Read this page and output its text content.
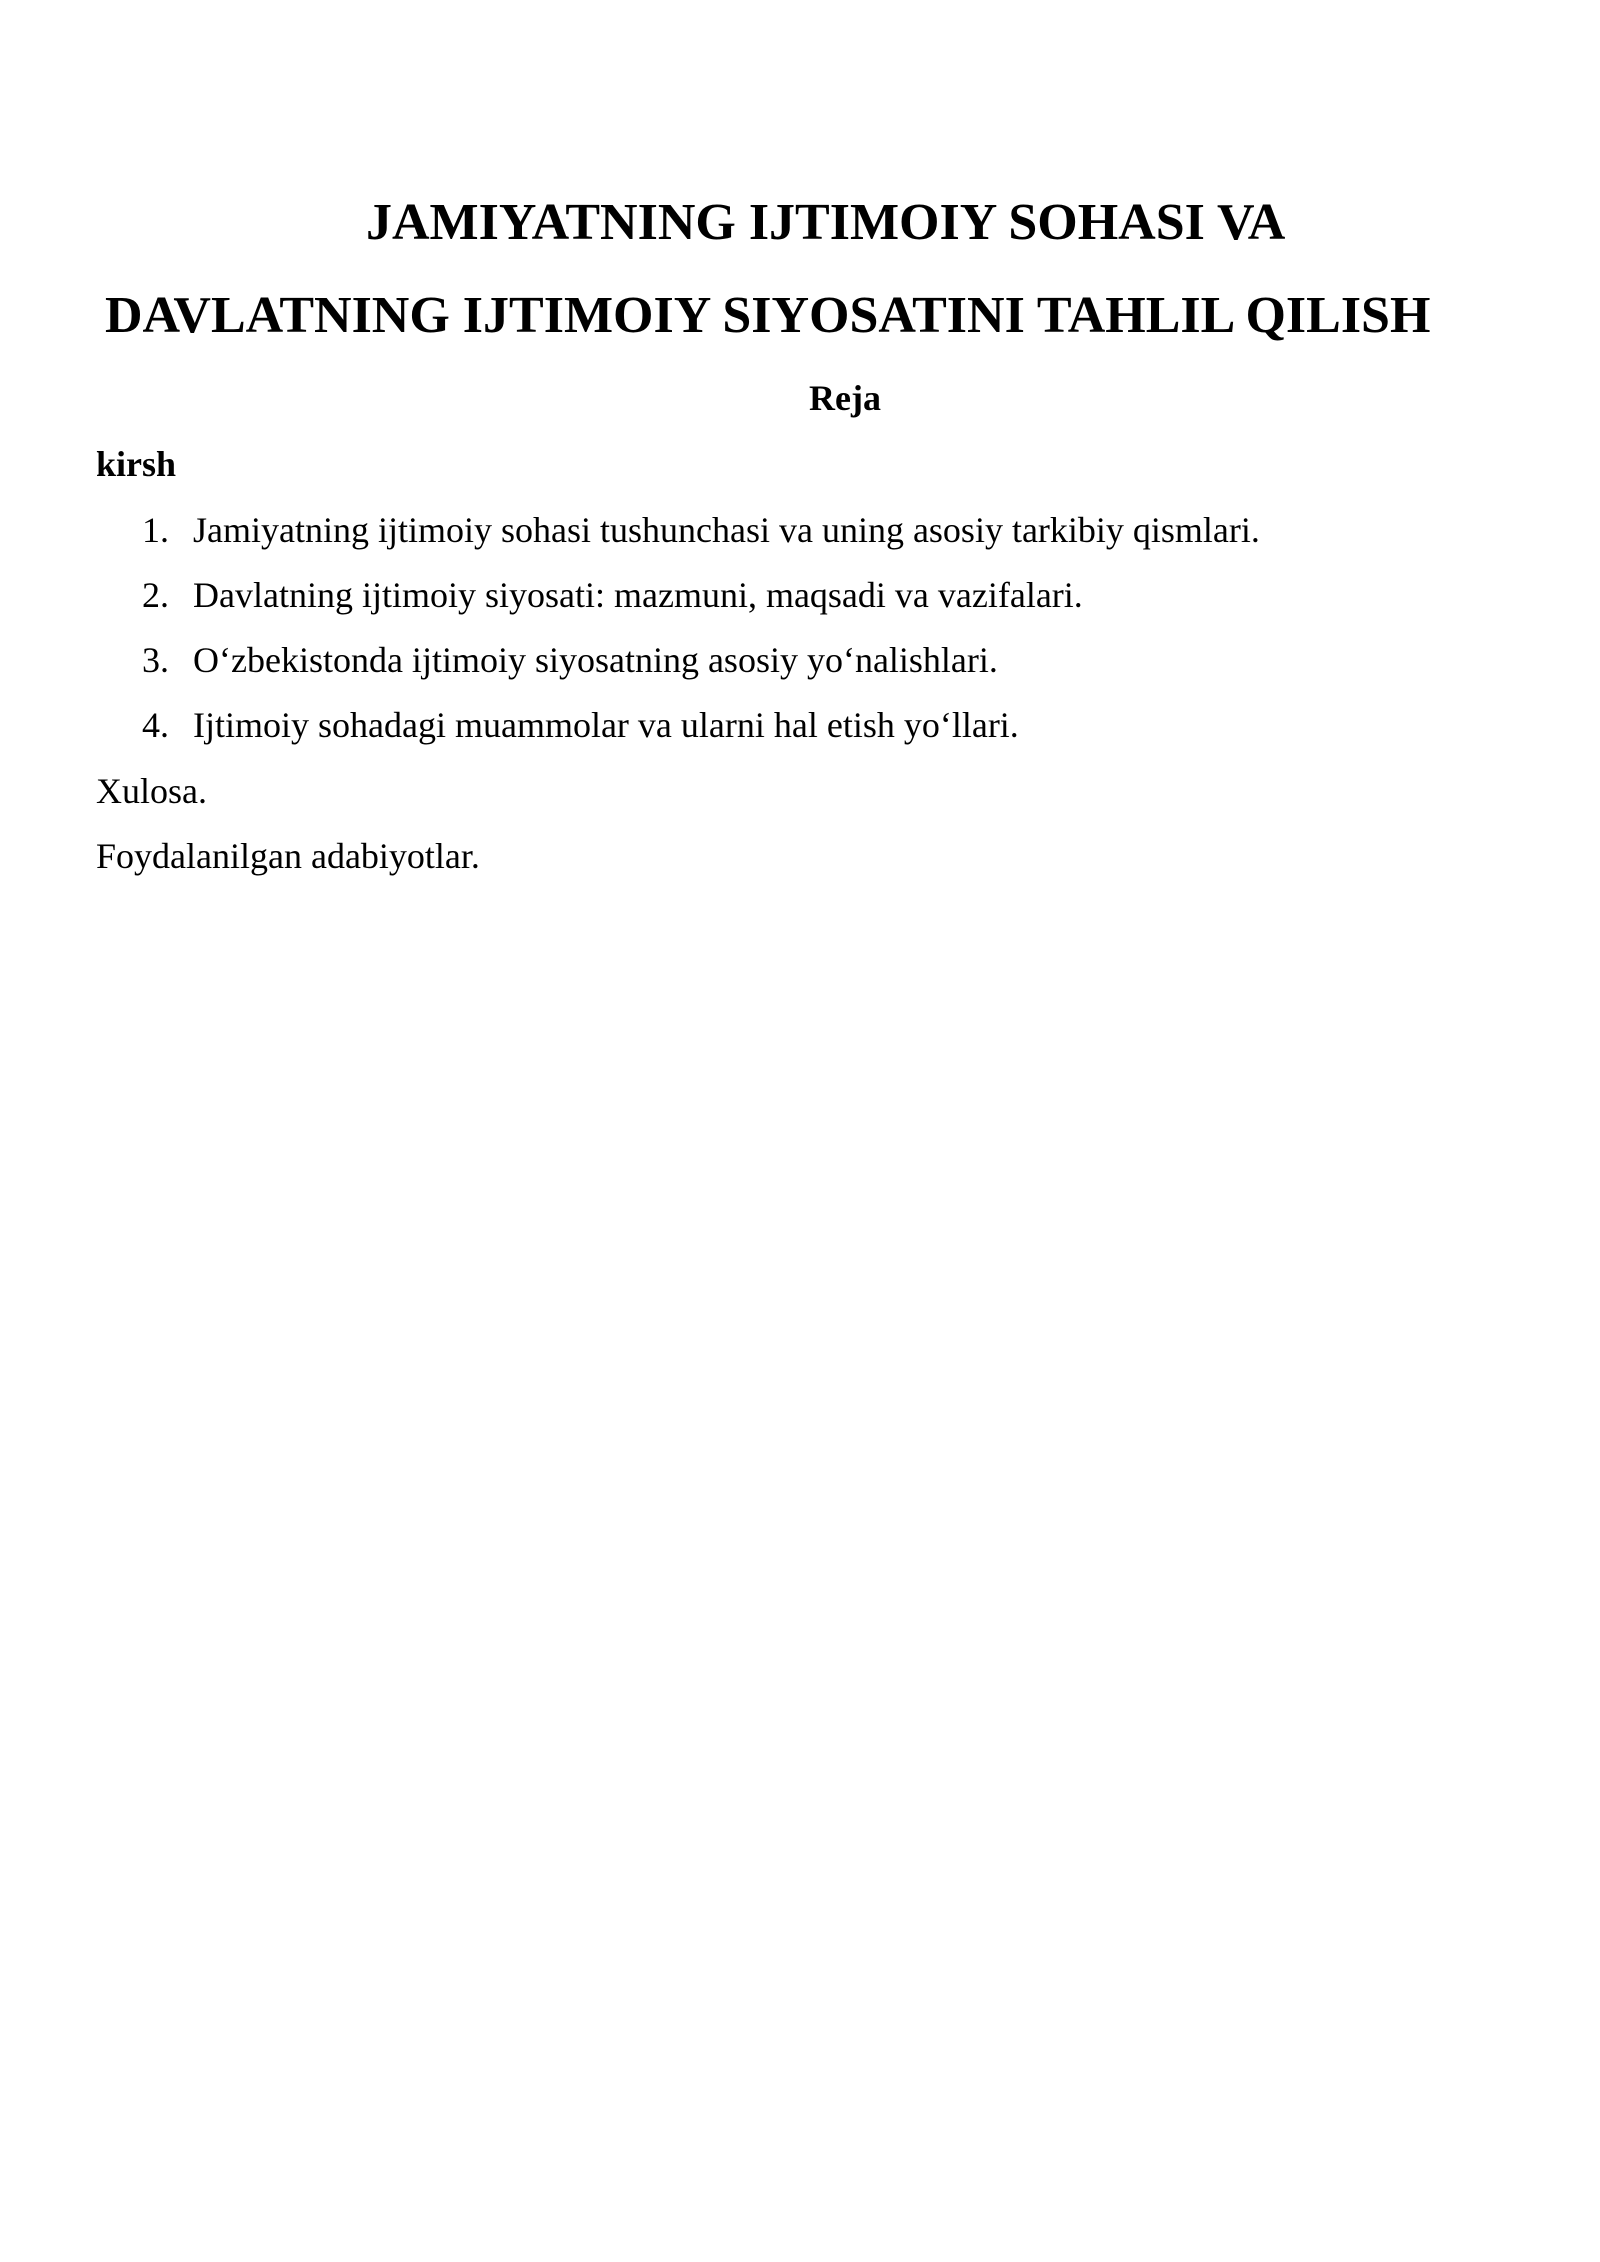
JAMIYATNING IJTIMOIY SOHASI VA
DAVLATNING IJTIMOIY SIYOSATINI TAHLIL QILISH
Reja
kirsh
1. Jamiyatning ijtimoiy sohasi tushunchasi va uning asosiy tarkibiy qismlari.
2. Davlatning ijtimoiy siyosati: mazmuni, maqsadi va vazifalari.
3. O‘zbekistonda ijtimoiy siyosatning asosiy yo‘nalishlari.
4. Ijtimoiy sohadagi muammolar va ularni hal etish yo‘llari.
Xulosa.
Foydalanilgan adabiyotlar.
